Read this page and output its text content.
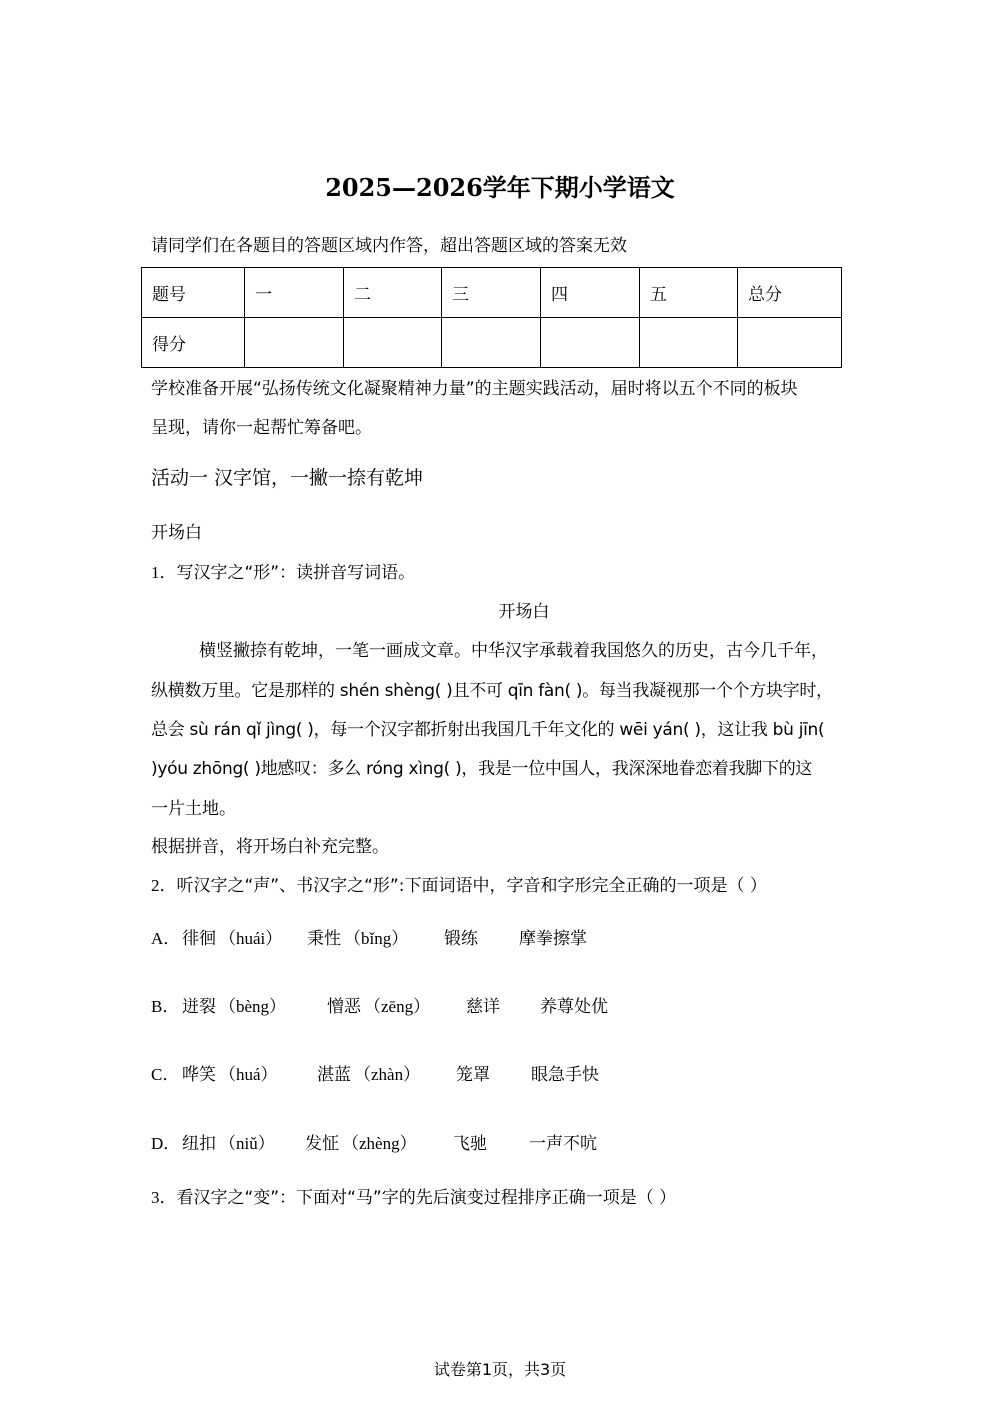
2025—2026学年下期小学语文
请同学们在各题目的答题区域内作答，超出答题区域的答案无效
题号	一	二	三	四	五	总分
得分						
学校准备开展“弘扬传统文化凝聚精神力量”的主题实践活动，届时将以五个不同的板块
呈现，请你一起帮忙筹备吧。
活动一 汉字馆，一撇一捺有乾坤
开场白
1．写汉字之“形”：读拼音写词语。
开场白
横竖撇捺有乾坤，一笔一画成文章。中华汉字承载着我国悠久的历史，古今几千年，
纵横数万里。它是那样的 shén shèng( )且不可 qīn fàn( )。每当我凝视那一个个方块字时，
总会 sù rán qǐ jìng( )，每一个汉字都折射出我国几千年文化的 wēi yán( )，这让我 bù jīn(
)yóu zhōng( )地感叹：多么 róng xìng( )，我是一位中国人，我深深地眷恋着我脚下的这
一片土地。
根据拼音，将开场白补充完整。
2．听汉字之“声”、书汉字之“形”:下面词语中，字音和字形完全正确的一项是（ ）
A． 徘徊 （huái） 秉性 （bǐng） 锻练 摩拳擦掌
B． 迸裂 （bèng） 憎恶 （zēng） 慈详 养尊处优
C． 哗笑 （huá） 湛蓝 （zhàn） 笼罩 眼急手快
D． 纽扣 （niǔ） 发怔 （zhèng） 飞驰 一声不吭
3．看汉字之“变”：下面对“马”字的先后演变过程排序正确一项是（ ）
试卷第1页，共3页
